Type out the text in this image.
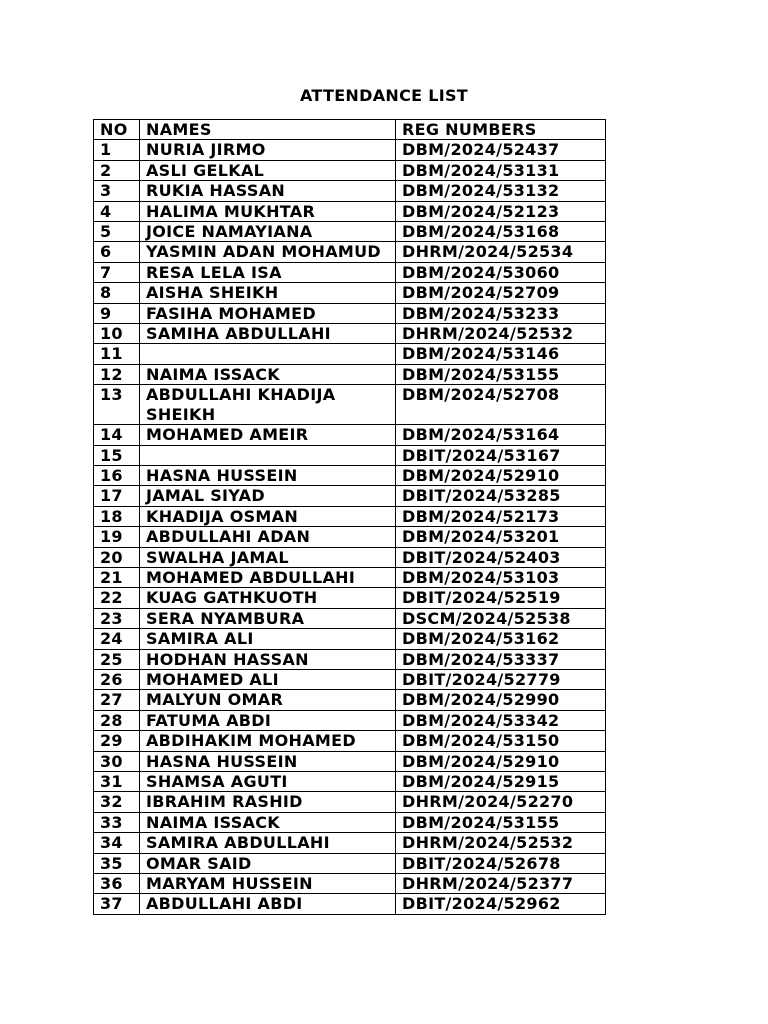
ATTENDANCE LIST
NO	NAMES	REG NUMBERS
1	NURIA JIRMO	DBM/2024/52437
2	ASLI GELKAL	DBM/2024/53131
3	RUKIA HASSAN	DBM/2024/53132
4	HALIMA MUKHTAR	DBM/2024/52123
5	JOICE NAMAYIANA	DBM/2024/53168
6	YASMIN ADAN MOHAMUD	DHRM/2024/52534
7	RESA LELA ISA	DBM/2024/53060
8	AISHA SHEIKH	DBM/2024/52709
9	FASIHA MOHAMED	DBM/2024/53233
10	SAMIHA ABDULLAHI	DHRM/2024/52532
11		DBM/2024/53146
12	NAIMA ISSACK	DBM/2024/53155
13	ABDULLAHI KHADIJA SHEIKH	DBM/2024/52708
14	MOHAMED AMEIR	DBM/2024/53164
15		DBIT/2024/53167
16	HASNA HUSSEIN	DBM/2024/52910
17	JAMAL SIYAD	DBIT/2024/53285
18	KHADIJA OSMAN	DBM/2024/52173
19	ABDULLAHI ADAN	DBM/2024/53201
20	SWALHA JAMAL	DBIT/2024/52403
21	MOHAMED ABDULLAHI	DBM/2024/53103
22	KUAG GATHKUOTH	DBIT/2024/52519
23	SERA NYAMBURA	DSCM/2024/52538
24	SAMIRA ALI	DBM/2024/53162
25	HODHAN HASSAN	DBM/2024/53337
26	MOHAMED ALI	DBIT/2024/52779
27	MALYUN OMAR	DBM/2024/52990
28	FATUMA ABDI	DBM/2024/53342
29	ABDIHAKIM MOHAMED	DBM/2024/53150
30	HASNA HUSSEIN	DBM/2024/52910
31	SHAMSA AGUTI	DBM/2024/52915
32	IBRAHIM RASHID	DHRM/2024/52270
33	NAIMA ISSACK	DBM/2024/53155
34	SAMIRA ABDULLAHI	DHRM/2024/52532
35	OMAR SAID	DBIT/2024/52678
36	MARYAM HUSSEIN	DHRM/2024/52377
37	ABDULLAHI ABDI	DBIT/2024/52962
